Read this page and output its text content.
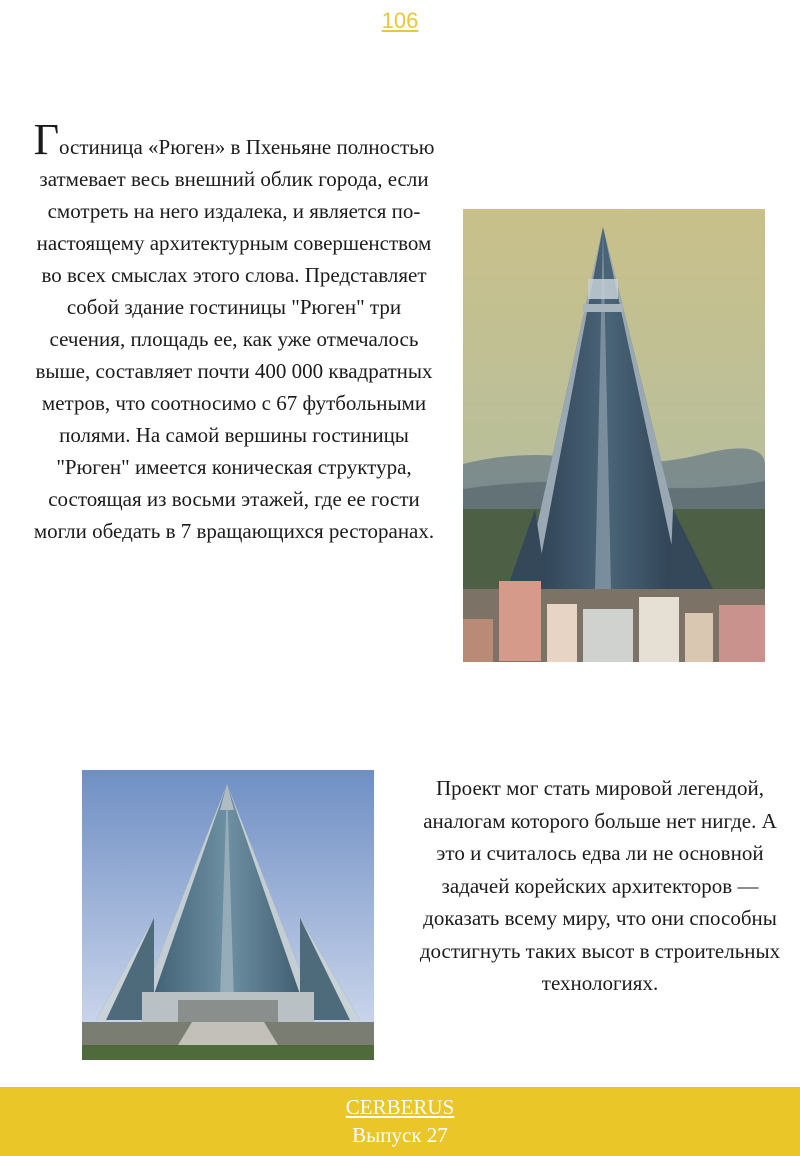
106
Гостиница «Рюген» в Пхеньяне полностью затмевает весь внешний облик города, если смотреть на него издалека, и является по-настоящему архитектурным совершенством во всех смыслах этого слова. Представляет собой здание гостиницы "Рюген" три сечения, площадь ее, как уже отмечалось выше, составляет почти 400 000 квадратных метров, что соотносимо с 67 футбольными полями. На самой вершины гостиницы "Рюген" имеется коническая структура, состоящая из восьми этажей, где ее гости могли обедать в 7 вращающихся ресторанах.
Проект мог стать мировой легендой, аналогам которого больше нет нигде. А это и считалось едва ли не основной задачей корейских архитекторов — доказать всему миру, что они способны достигнуть таких высот в строительных технологиях.
CERBERUS
Выпуск 27
